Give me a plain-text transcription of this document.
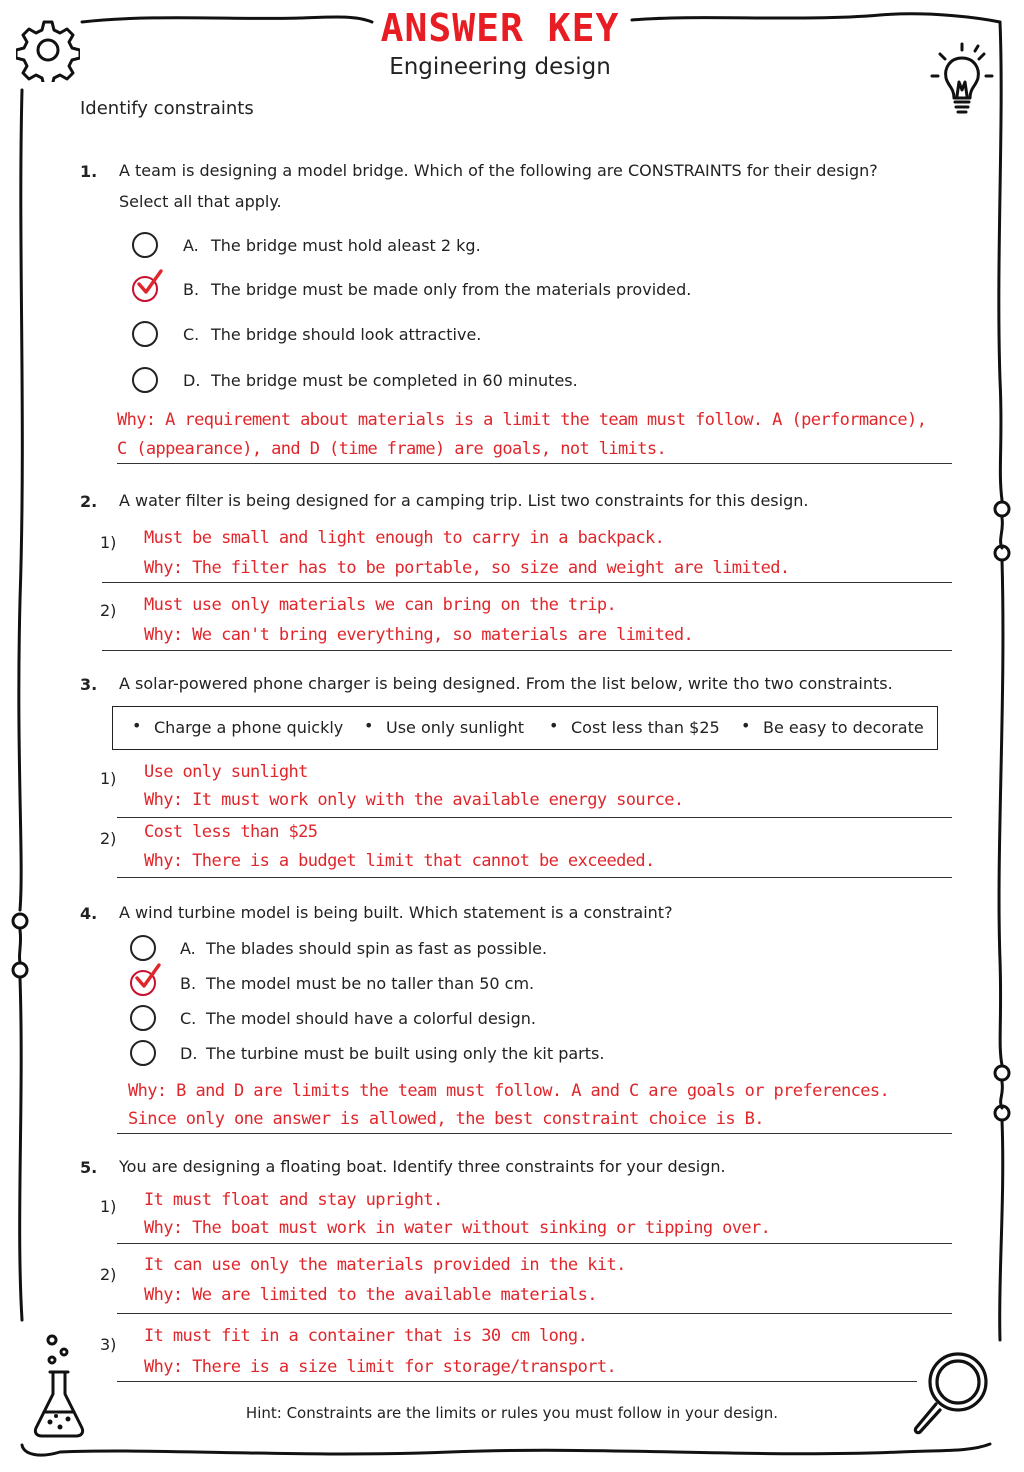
ANSWER KEY
Engineering design
Identify constraints
1. A team is designing a model bridge. Which of the following are CONSTRAINTS for their design?
Select all that apply.
A. The bridge must hold aleast 2 kg.
B. The bridge must be made only from the materials provided.
C. The bridge should look attractive.
D. The bridge must be completed in 60 minutes.
Why: A requirement about materials is a limit the team must follow. A (performance),
C (appearance), and D (time frame) are goals, not limits.
2. A water filter is being designed for a camping trip. List two constraints for this design.
1) Must be small and light enough to carry in a backpack.
Why: The filter has to be portable, so size and weight are limited.
2) Must use only materials we can bring on the trip.
Why: We can't bring everything, so materials are limited.
3. A solar-powered phone charger is being designed. From the list below, write tho two constraints.
• Charge a phone quickly • Use only sunlight • Cost less than $25 • Be easy to decorate
1) Use only sunlight
Why: It must work only with the available energy source.
2) Cost less than $25
Why: There is a budget limit that cannot be exceeded.
4. A wind turbine model is being built. Which statement is a constraint?
A. The blades should spin as fast as possible.
B. The model must be no taller than 50 cm.
C. The model should have a colorful design.
D. The turbine must be built using only the kit parts.
Why: B and D are limits the team must follow. A and C are goals or preferences.
Since only one answer is allowed, the best constraint choice is B.
5. You are designing a floating boat. Identify three constraints for your design.
1) It must float and stay upright.
Why: The boat must work in water without sinking or tipping over.
2) It can use only the materials provided in the kit.
Why: We are limited to the available materials.
3) It must fit in a container that is 30 cm long.
Why: There is a size limit for storage/transport.
Hint: Constraints are the limits or rules you must follow in your design.
